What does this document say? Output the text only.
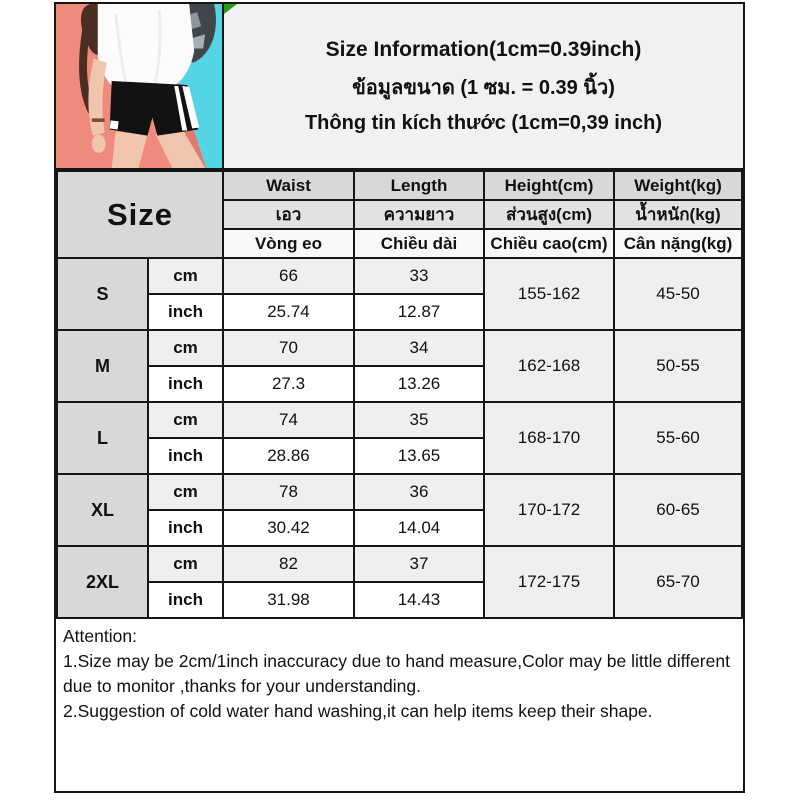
Size Information(1cm=0.39inch)
ข้อมูลขนาด (1 ซม. = 0.39 นิ้ว)
Thông tin kích thước (1cm=0,39 inch)
Size		Waist	Length	Height(cm)	Weight(kg)
		เอว	ความยาว	ส่วนสูง(cm)	น้ำหนัก(kg)
		Vòng eo	Chiều dài	Chiều cao(cm)	Cân nặng(kg)
S	cm	66	33	155-162	45-50
	inch	25.74	12.87		
M	cm	70	34	162-168	50-55
	inch	27.3	13.26		
L	cm	74	35	168-170	55-60
	inch	28.86	13.65		
XL	cm	78	36	170-172	60-65
	inch	30.42	14.04		
2XL	cm	82	37	172-175	65-70
	inch	31.98	14.43		
Attention:
1.Size may be 2cm/1inch inaccuracy due to hand measure,Color may be little different due to monitor ,thanks for your understanding.
2.Suggestion of cold water hand washing,it can help items keep their shape.
